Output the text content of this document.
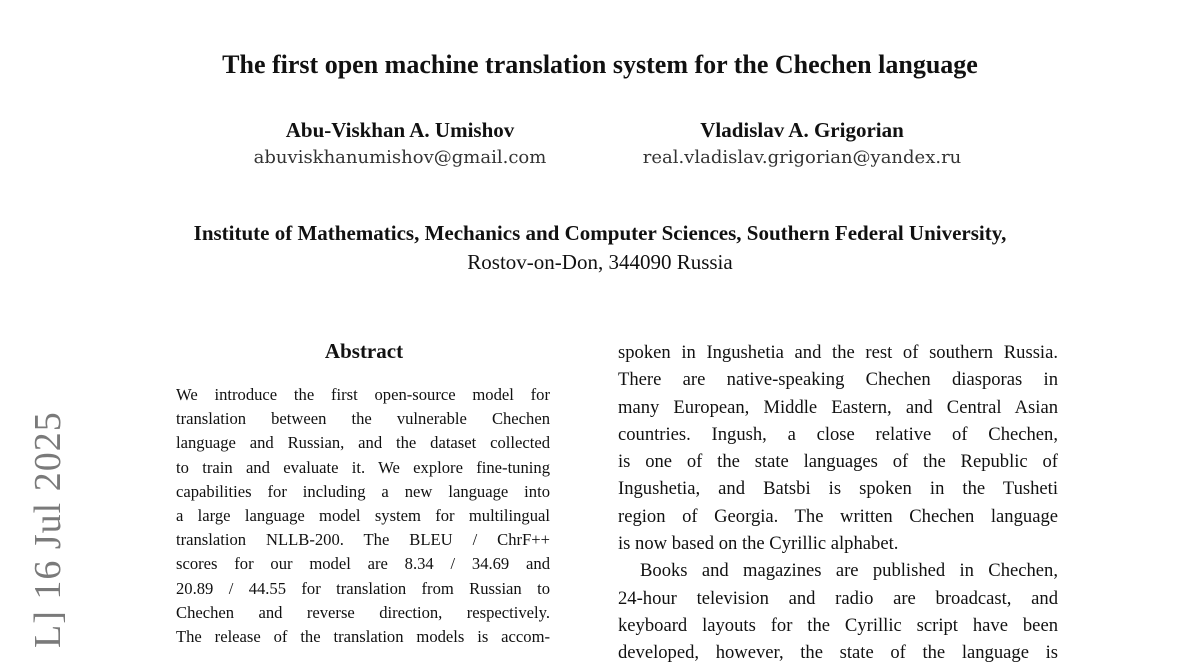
The first open machine translation system for the Chechen language
Abu-Viskhan A. Umishov
abuviskhanumishov@gmail.com
Vladislav A. Grigorian
real.vladislav.grigorian@yandex.ru
Institute of Mathematics, Mechanics and Computer Sciences, Southern Federal University,
Rostov-on-Don, 344090 Russia
L] 16 Jul 2025
Abstract
We introduce the first open-source model for
translation between the vulnerable Chechen
language and Russian, and the dataset collected
to train and evaluate it. We explore fine-tuning
capabilities for including a new language into
a large language model system for multilingual
translation NLLB-200. The BLEU / ChrF++
scores for our model are 8.34 / 34.69 and
20.89 / 44.55 for translation from Russian to
Chechen and reverse direction, respectively.
The release of the translation models is accom-
spoken in Ingushetia and the rest of southern Russia.
There are native-speaking Chechen diasporas in
many European, Middle Eastern, and Central Asian
countries. Ingush, a close relative of Chechen,
is one of the state languages of the Republic of
Ingushetia, and Batsbi is spoken in the Tusheti
region of Georgia. The written Chechen language
is now based on the Cyrillic alphabet.
Books and magazines are published in Chechen,
24-hour television and radio are broadcast, and
keyboard layouts for the Cyrillic script have been
developed, however, the state of the language is
